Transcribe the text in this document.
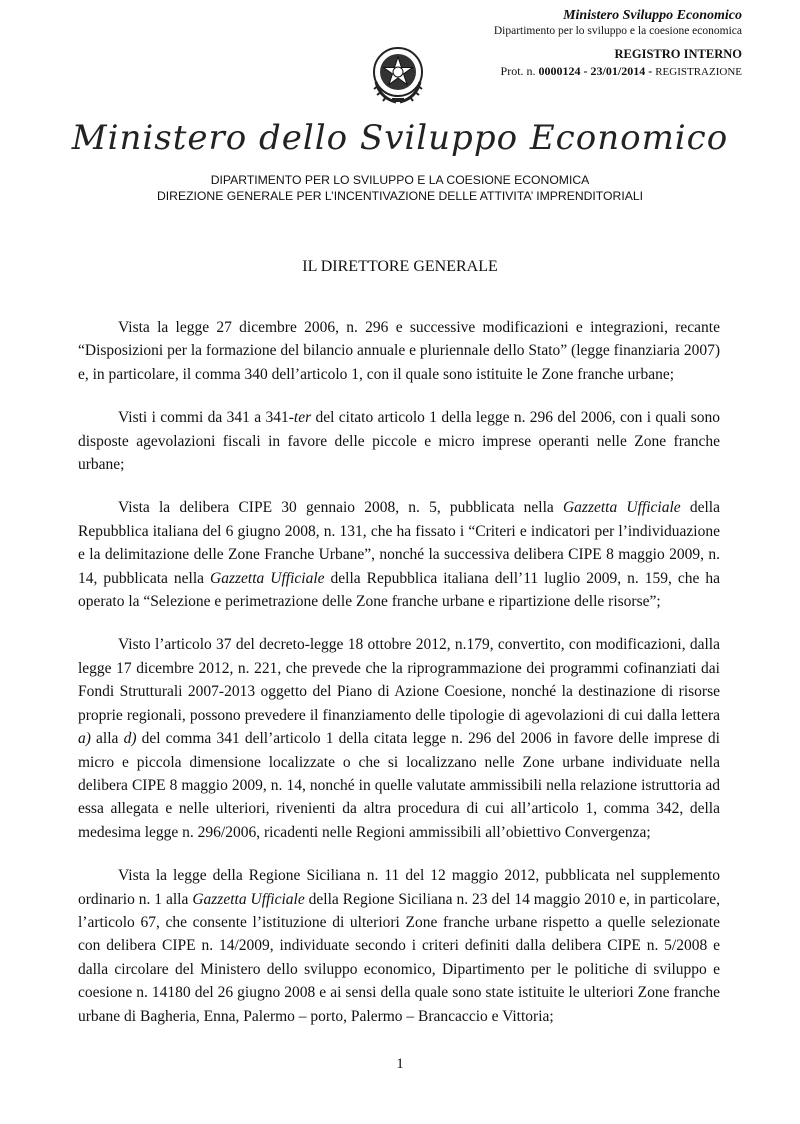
Ministero Sviluppo Economico
Dipartimento per lo sviluppo e la coesione economica
REGISTRO INTERNO
Prot. n. 0000124 - 23/01/2014 - REGISTRAZIONE
Ministero dello Sviluppo Economico
DIPARTIMENTO PER LO SVILUPPO E LA COESIONE ECONOMICA
DIREZIONE GENERALE PER L’INCENTIVAZIONE DELLE ATTIVITA’ IMPRENDITORIALI
IL DIRETTORE GENERALE

Vista la legge 27 dicembre 2006, n. 296 e successive modificazioni e integrazioni, recante “Disposizioni per la formazione del bilancio annuale e pluriennale dello Stato” (legge finanziaria 2007) e, in particolare, il comma 340 dell’articolo 1, con il quale sono istituite le Zone franche urbane;

Visti i commi da 341 a 341-ter del citato articolo 1 della legge n. 296 del 2006, con i quali sono disposte agevolazioni fiscali in favore delle piccole e micro imprese operanti nelle Zone franche urbane;

Vista la delibera CIPE 30 gennaio 2008, n. 5, pubblicata nella Gazzetta Ufficiale della Repubblica italiana del 6 giugno 2008, n. 131, che ha fissato i “Criteri e indicatori per l’individuazione e la delimitazione delle Zone Franche Urbane”, nonché la successiva delibera CIPE 8 maggio 2009, n. 14, pubblicata nella Gazzetta Ufficiale della Repubblica italiana dell’11 luglio 2009, n. 159, che ha operato la “Selezione e perimetrazione delle Zone franche urbane e ripartizione delle risorse”;

Visto l’articolo 37 del decreto-legge 18 ottobre 2012, n.179, convertito, con modificazioni, dalla legge 17 dicembre 2012, n. 221, che prevede che la riprogrammazione dei programmi cofinanziati dai Fondi Strutturali 2007-2013 oggetto del Piano di Azione Coesione, nonché la destinazione di risorse proprie regionali, possono prevedere il finanziamento delle tipologie di agevolazioni di cui dalla lettera a) alla d) del comma 341 dell’articolo 1 della citata legge n. 296 del 2006 in favore delle imprese di micro e piccola dimensione localizzate o che si localizzano nelle Zone urbane individuate nella delibera CIPE 8 maggio 2009, n. 14, nonché in quelle valutate ammissibili nella relazione istruttoria ad essa allegata e nelle ulteriori, rivenienti da altra procedura di cui all’articolo 1, comma 342, della medesima legge n. 296/2006, ricadenti nelle Regioni ammissibili all’obiettivo Convergenza;

Vista la legge della Regione Siciliana n. 11 del 12 maggio 2012, pubblicata nel supplemento ordinario n. 1 alla Gazzetta Ufficiale della Regione Siciliana n. 23 del 14 maggio 2010 e, in particolare, l’articolo 67, che consente l’istituzione di ulteriori Zone franche urbane rispetto a quelle selezionate con delibera CIPE n. 14/2009, individuate secondo i criteri definiti dalla delibera CIPE n. 5/2008 e dalla circolare del Ministero dello sviluppo economico, Dipartimento per le politiche di sviluppo e coesione n. 14180 del 26 giugno 2008 e ai sensi della quale sono state istituite le ulteriori Zone franche urbane di Bagheria, Enna, Palermo – porto, Palermo – Brancaccio e Vittoria;

1
